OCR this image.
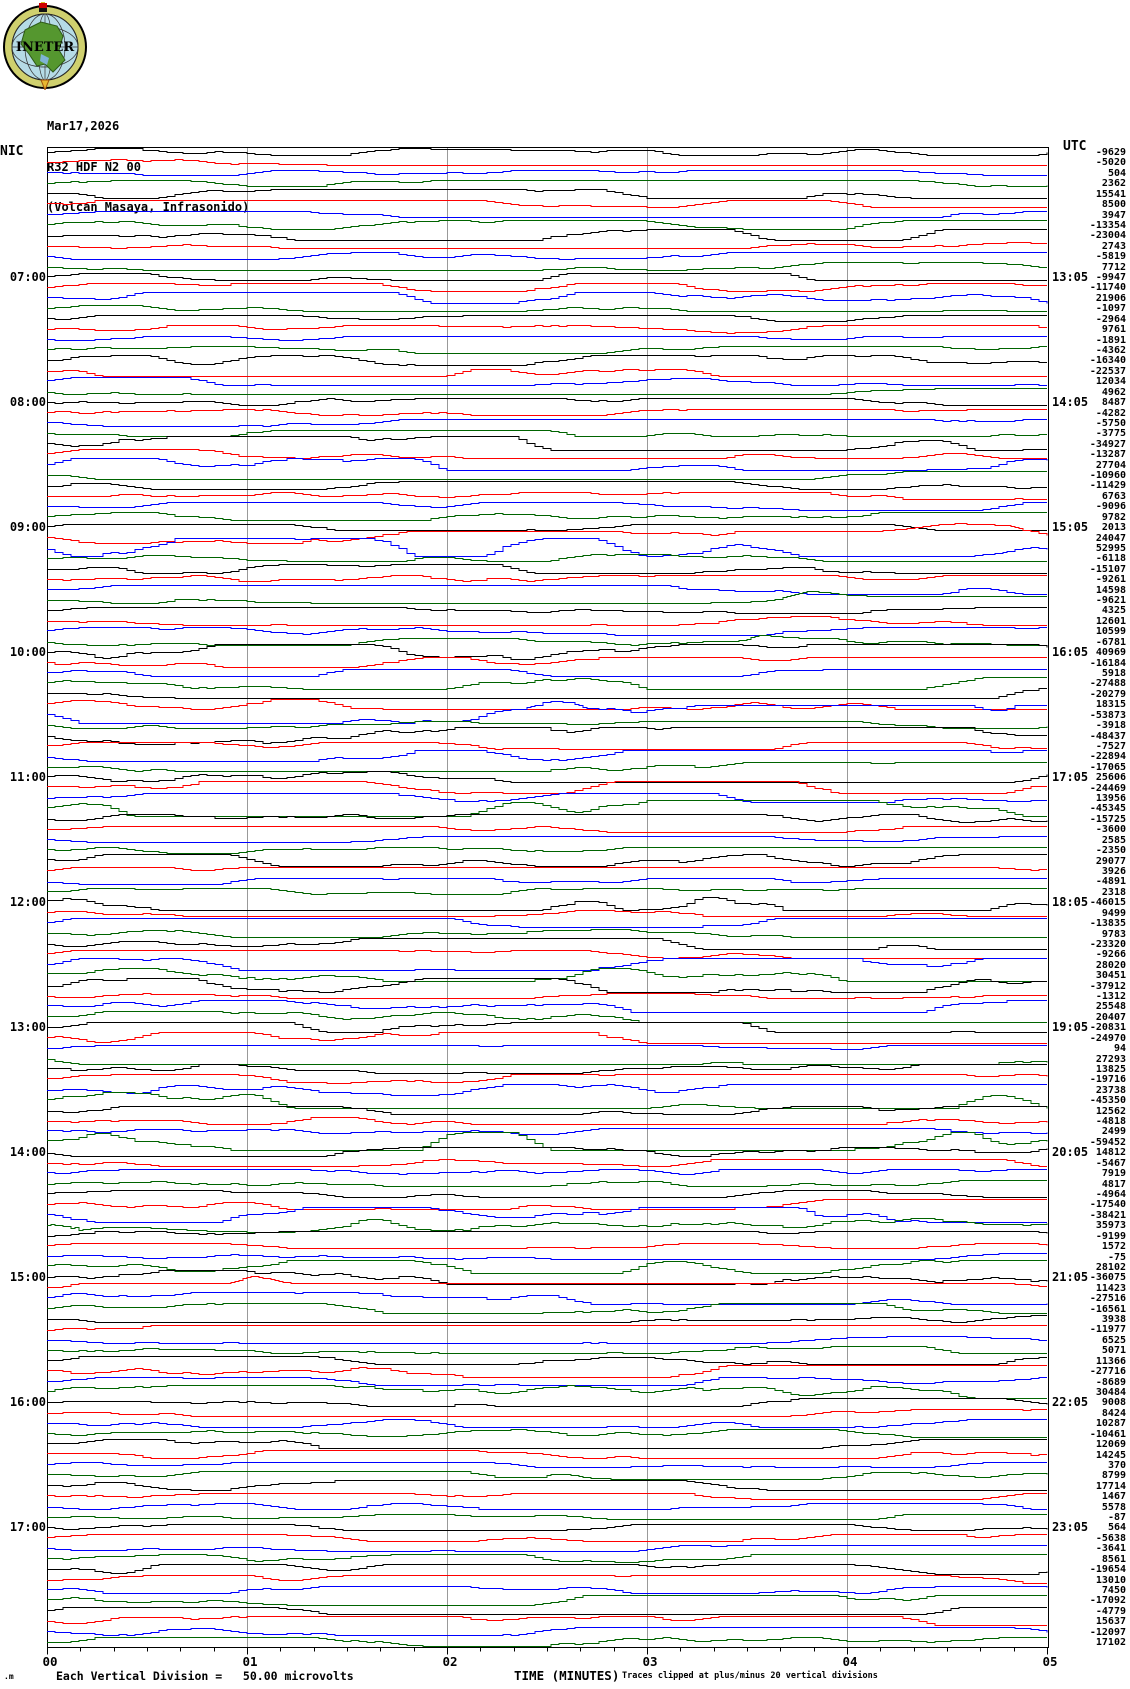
INETER

Mar17,2026

R32 HDF N2 00

(Volcan Masaya, Infrasonido)

NIC	UTC
07:00
08:00
09:00
10:00
11:00
12:00
13:00
14:00
15:00
16:00
17:00
13:05
14:05
15:05
16:05
17:05
18:05
19:05
20:05
21:05
22:05
23:05
-9629
-5020
504
2362
15541
8500
3947
-13354
-23004
2743
-5819
7712
-9947
-11740
21906
-1097
-2964
9761
-1891
-4362
-16340
-22537
12034
4962
8487
-4282
-5750
-3775
-34927
-13287
27704
-10960
-11429
6763
-9096
9782
2013
24047
52995
-6118
-15107
-9261
14598
-9621
4325
12601
10599
-6781
40969
-16184
5918
-27488
-20279
18315
-53873
-3918
-48437
-7527
-22894
-17065
25606
-24469
13956
-45345
-15725
-3600
2585
-2350
29077
3926
-4891
2318
-46015
9499
-13835
9783
-23320
-9266
28020
30451
-37912
-1312
25548
20407
-20831
-24970
94
27293
13825
-19716
23738
-45350
12562
-4818
2499
-59452
14812
-5467
7919
4817
-4964
-17540
-38421
35973
-9199
1572
-75
28102
-36075
11423
-27516
-16561
3938
-11977
6525
5071
11366
-27716
-8689
30484
9008
8424
10287
-10461
12069
14245
370
8799
17714
1467
5578
-87
564
-5638
-3641
8561
-19654
13010
7450
-17092
-4779
15637
-12097
17102
00	01	02	03	04	05
.m	Each Vertical Division =   50.00 microvolts	TIME (MINUTES) Traces clipped at plus/minus 20 vertical divisions
